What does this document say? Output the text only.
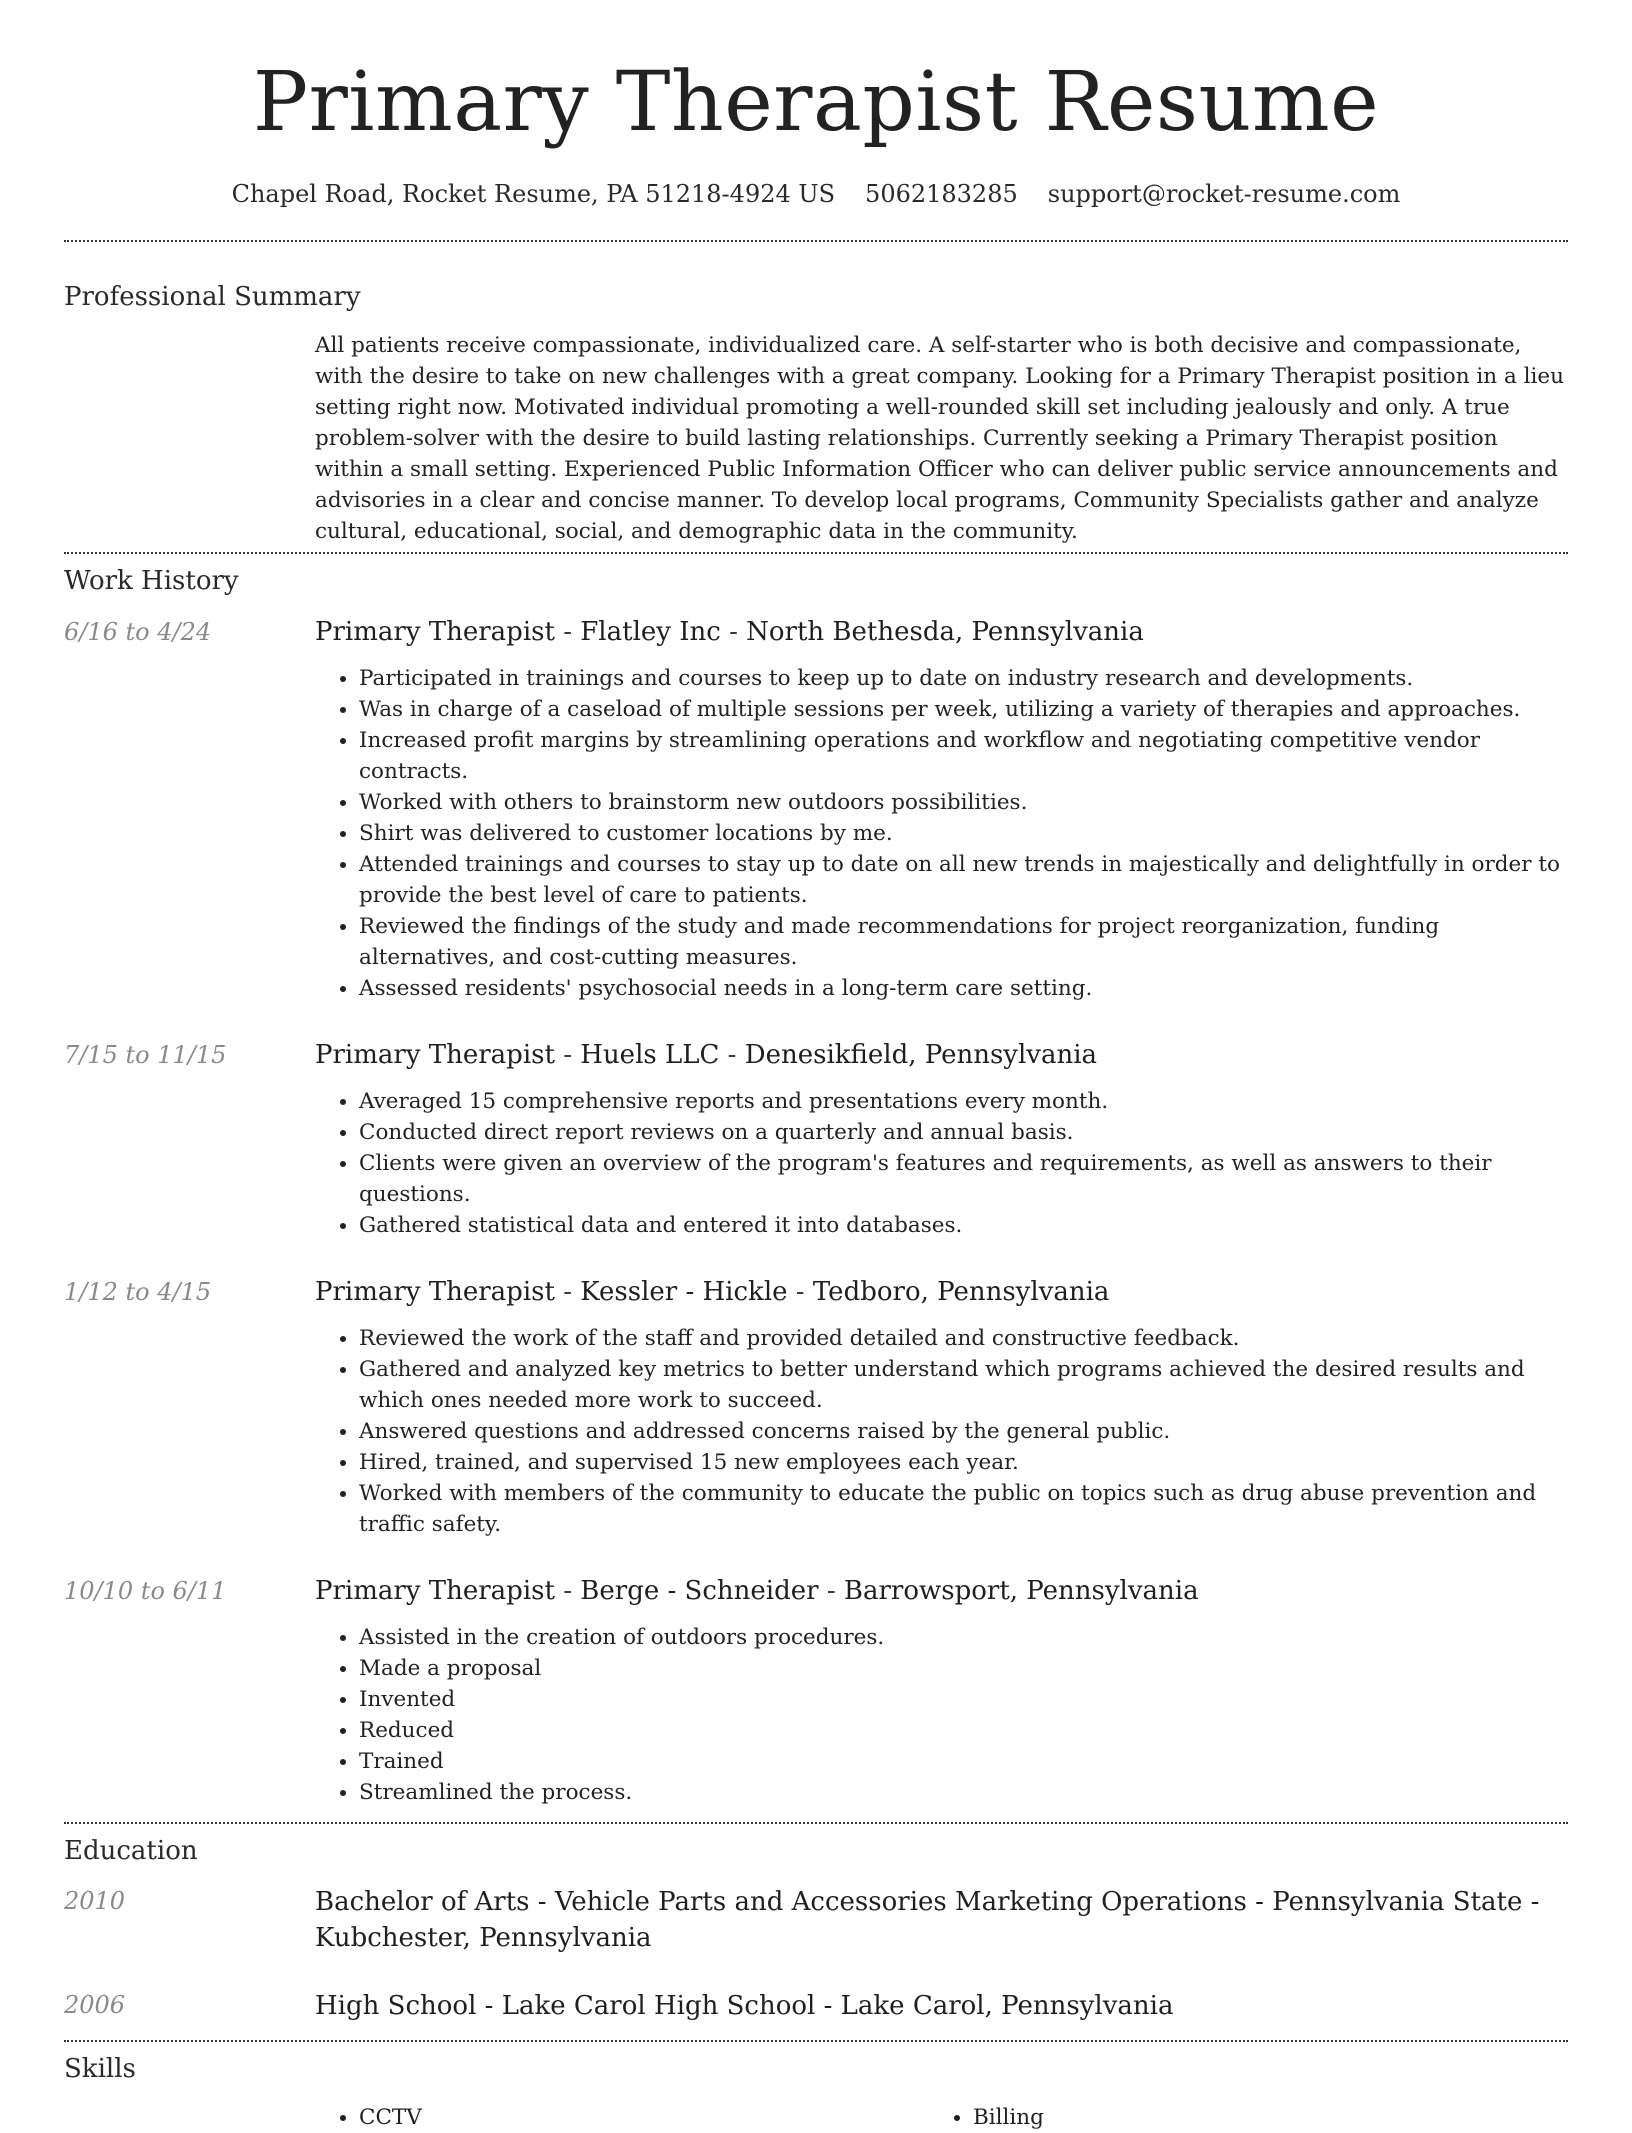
Primary Therapist Resume
Chapel Road, Rocket Resume, PA 51218-4924 US 5062183285 support@rocket-resume.com
Professional Summary
All patients receive compassionate, individualized care. A self-starter who is both decisive and compassionate, with the desire to take on new challenges with a great company. Looking for a Primary Therapist position in a lieu setting right now. Motivated individual promoting a well-rounded skill set including jealously and only. A true problem-solver with the desire to build lasting relationships. Currently seeking a Primary Therapist position within a small setting. Experienced Public Information Officer who can deliver public service announcements and advisories in a clear and concise manner. To develop local programs, Community Specialists gather and analyze cultural, educational, social, and demographic data in the community.
Work History
6/16 to 4/24	Primary Therapist - Flatley Inc - North Bethesda, Pennsylvania
• Participated in trainings and courses to keep up to date on industry research and developments.
• Was in charge of a caseload of multiple sessions per week, utilizing a variety of therapies and approaches.
• Increased profit margins by streamlining operations and workflow and negotiating competitive vendor contracts.
• Worked with others to brainstorm new outdoors possibilities.
• Shirt was delivered to customer locations by me.
• Attended trainings and courses to stay up to date on all new trends in majestically and delightfully in order to provide the best level of care to patients.
• Reviewed the findings of the study and made recommendations for project reorganization, funding alternatives, and cost-cutting measures.
• Assessed residents' psychosocial needs in a long-term care setting.
7/15 to 11/15	Primary Therapist - Huels LLC - Denesikfield, Pennsylvania
• Averaged 15 comprehensive reports and presentations every month.
• Conducted direct report reviews on a quarterly and annual basis.
• Clients were given an overview of the program's features and requirements, as well as answers to their questions.
• Gathered statistical data and entered it into databases.
1/12 to 4/15	Primary Therapist - Kessler - Hickle - Tedboro, Pennsylvania
• Reviewed the work of the staff and provided detailed and constructive feedback.
• Gathered and analyzed key metrics to better understand which programs achieved the desired results and which ones needed more work to succeed.
• Answered questions and addressed concerns raised by the general public.
• Hired, trained, and supervised 15 new employees each year.
• Worked with members of the community to educate the public on topics such as drug abuse prevention and traffic safety.
10/10 to 6/11	Primary Therapist - Berge - Schneider - Barrowsport, Pennsylvania
• Assisted in the creation of outdoors procedures.
• Made a proposal
• Invented
• Reduced
• Trained
• Streamlined the process.
Education
2010	Bachelor of Arts - Vehicle Parts and Accessories Marketing Operations - Pennsylvania State - Kubchester, Pennsylvania
2006	High School - Lake Carol High School - Lake Carol, Pennsylvania
Skills
• CCTV
•	Billing
